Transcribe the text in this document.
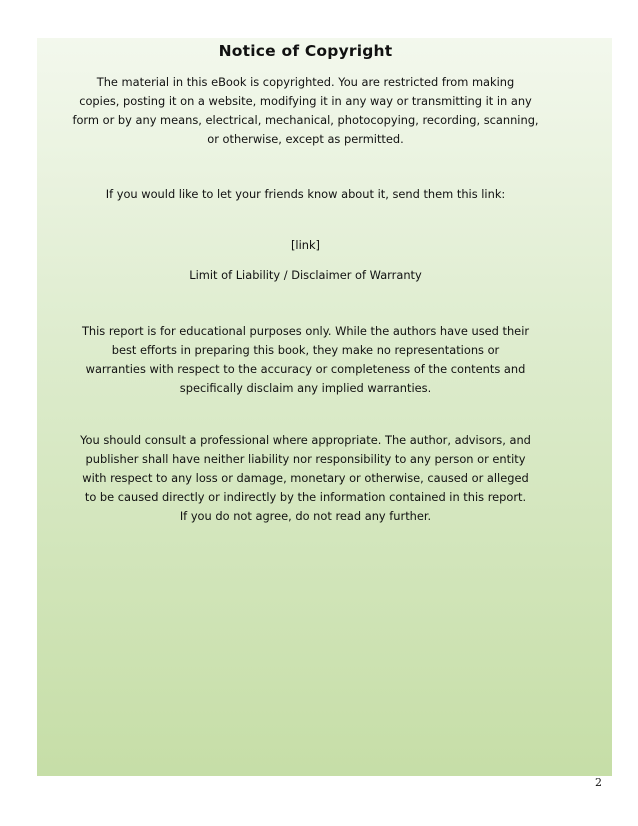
Notice of Copyright
The material in this eBook is copyrighted. You are restricted from making
copies, posting it on a website, modifying it in any way or transmitting it in any
form or by any means, electrical, mechanical, photocopying, recording, scanning,
or otherwise, except as permitted.
If you would like to let your friends know about it, send them this link:
[link]
Limit of Liability / Disclaimer of Warranty
This report is for educational purposes only. While the authors have used their
best efforts in preparing this book, they make no representations or
warranties with respect to the accuracy or completeness of the contents and
specifically disclaim any implied warranties.
You should consult a professional where appropriate. The author, advisors, and
publisher shall have neither liability nor responsibility to any person or entity
with respect to any loss or damage, monetary or otherwise, caused or alleged
to be caused directly or indirectly by the information contained in this report.
If you do not agree, do not read any further.
2
